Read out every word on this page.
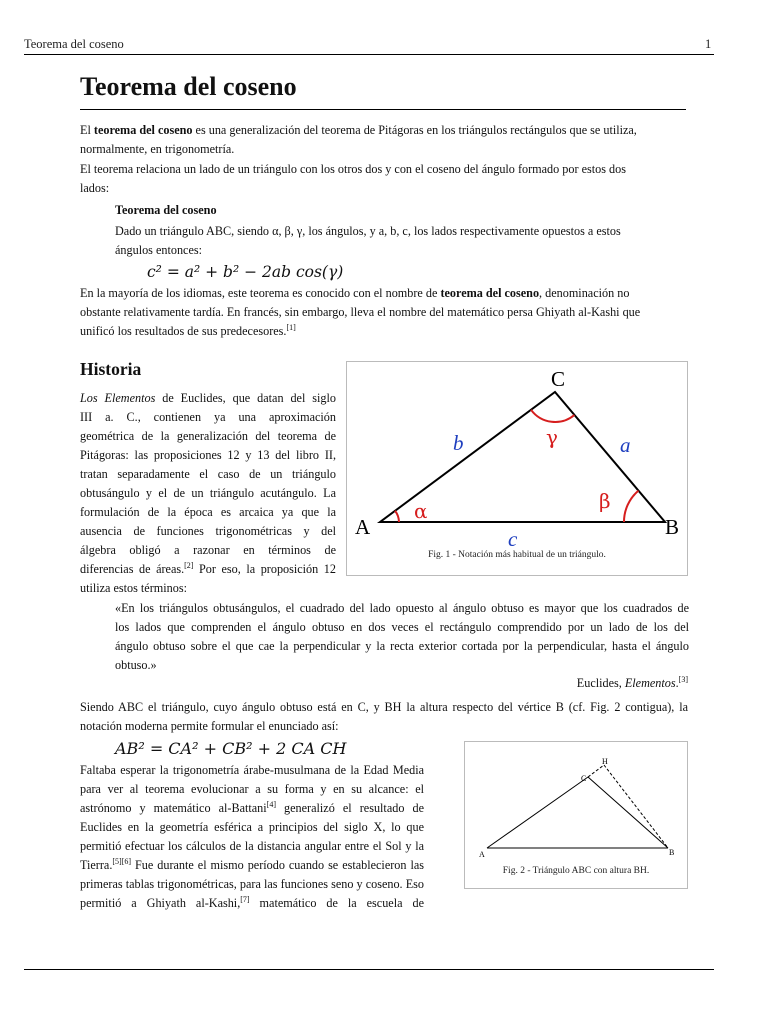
Teorema del coseno	1
Teorema del coseno
El teorema del coseno es una generalización del teorema de Pitágoras en los triángulos rectángulos que se utiliza,
normalmente, en trigonometría.
El teorema relaciona un lado de un triángulo con los otros dos y con el coseno del ángulo formado por estos dos
lados:
Teorema del coseno
Dado un triángulo ABC, siendo α, β, γ, los ángulos, y a, b, c, los lados respectivamente opuestos a estos
ángulos entonces:
c² = a² + b² − 2ab cos(γ)
En la mayoría de los idiomas, este teorema es conocido con el nombre de teorema del coseno, denominación no
obstante relativamente tardía. En francés, sin embargo, lleva el nombre del matemático persa Ghiyath al-Kashi que
unificó los resultados de sus predecesores.[1]
Historia
Los Elementos de Euclides, que datan del siglo
III a. C., contienen ya una aproximación
geométrica de la generalización del teorema de
Pitágoras: las proposiciones 12 y 13 del libro II,
tratan separadamente el caso de un triángulo
obtusángulo y el de un triángulo acutángulo. La
formulación de la época es arcaica ya que la
ausencia de funciones trigonométricas y del
álgebra obligó a razonar en términos de
diferencias de áreas.[2] Por eso, la proposición 12
utiliza estos términos:
A	B
C
b	a
c
α	β
γ
Fig. 1 - Notación más habitual de un triángulo.
«En los triángulos obtusángulos, el cuadrado del lado opuesto al ángulo obtuso es mayor que los cuadrados de
los lados que comprenden el ángulo obtuso en dos veces el rectángulo comprendido por un lado de los del
ángulo obtuso sobre el que cae la perpendicular y la recta exterior cortada por la perpendicular, hasta el ángulo
obtuso.»
Euclides, Elementos.[3]
Siendo ABC el triángulo, cuyo ángulo obtuso está en C, y BH la altura respecto del vértice B (cf. Fig. 2 contigua), la
notación moderna permite formular el enunciado así:
AB² = CA² + CB² + 2 CA CH
Faltaba esperar la trigonometría árabe-musulmana de la Edad Media
para ver al teorema evolucionar a su forma y en su alcance: el
astrónomo y matemático al-Battani[4] generalizó el resultado de
Euclides en la geometría esférica a principios del siglo X, lo que
permitió efectuar los cálculos de la distancia angular entre el Sol y la
Tierra.[5][6] Fue durante el mismo período cuando se establecieron las
primeras tablas trigonométricas, para las funciones seno y coseno. Eso
permitió a Ghiyath al-Kashi,[7] matemático de la escuela de
A	B
C
H
Fig. 2 - Triángulo ABC con altura BH.
